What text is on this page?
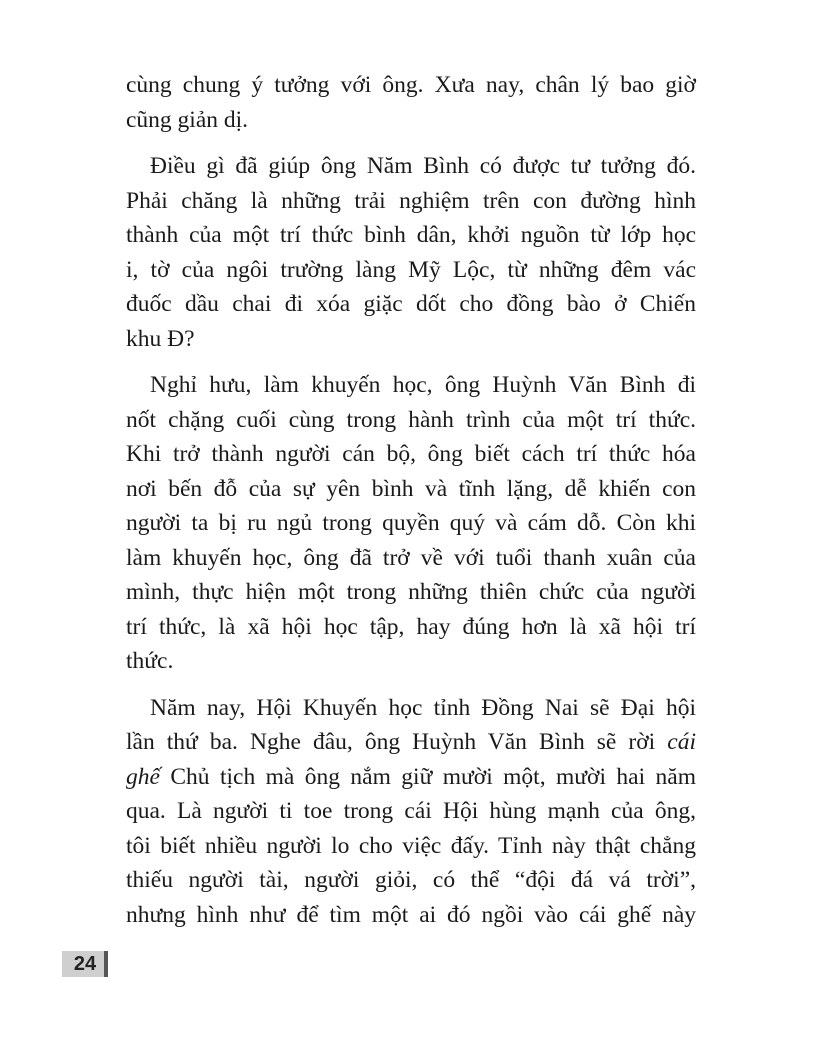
cùng chung ý tưởng với ông. Xưa nay, chân lý bao giờ
cũng giản dị.

Điều gì đã giúp ông Năm Bình có được tư tưởng đó.
Phải chăng là những trải nghiệm trên con đường hình
thành của một trí thức bình dân, khởi nguồn từ lớp học
i, tờ của ngôi trường làng Mỹ Lộc, từ những đêm vác
đuốc dầu chai đi xóa giặc dốt cho đồng bào ở Chiến
khu Đ?

Nghỉ hưu, làm khuyến học, ông Huỳnh Văn Bình đi
nốt chặng cuối cùng trong hành trình của một trí thức.
Khi trở thành người cán bộ, ông biết cách trí thức hóa
nơi bến đỗ của sự yên bình và tĩnh lặng, dễ khiến con
người ta bị ru ngủ trong quyền quý và cám dỗ. Còn khi
làm khuyến học, ông đã trở về với tuổi thanh xuân của
mình, thực hiện một trong những thiên chức của người
trí thức, là xã hội học tập, hay đúng hơn là xã hội trí
thức.

Năm nay, Hội Khuyến học tỉnh Đồng Nai sẽ Đại hội
lần thứ ba. Nghe đâu, ông Huỳnh Văn Bình sẽ rời cái
ghế Chủ tịch mà ông nắm giữ mười một, mười hai năm
qua. Là người ti toe trong cái Hội hùng mạnh của ông,
tôi biết nhiều người lo cho việc đấy. Tỉnh này thật chẳng
thiếu người tài, người giỏi, có thể “đội đá vá trời”,
nhưng hình như để tìm một ai đó ngồi vào cái ghế này

24
